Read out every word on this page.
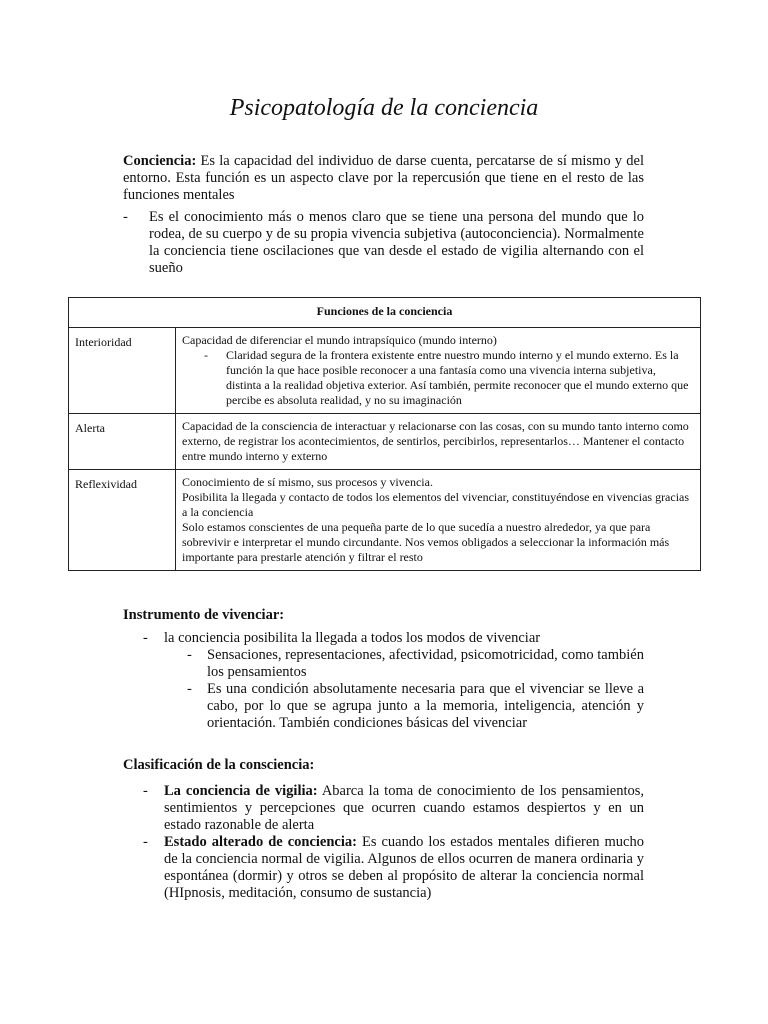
Psicopatología de la conciencia

Conciencia: Es la capacidad del individuo de darse cuenta, percatarse de sí mismo y del entorno. Esta función es un aspecto clave por la repercusión que tiene en el resto de las funciones mentales

- Es el conocimiento más o menos claro que se tiene una persona del mundo que lo rodea, de su cuerpo y de su propia vivencia subjetiva (autoconciencia). Normalmente la conciencia tiene oscilaciones que van desde el estado de vigilia alternando con el sueño
Funciones de la conciencia	
Interioridad	Capacidad de diferenciar el mundo intrapsíquico (mundo interno)
- Claridad segura de la frontera existente entre nuestro mundo interno y el mundo externo. Es la función la que hace posible reconocer a una fantasía como una vivencia interna subjetiva, distinta a la realidad objetiva exterior. Así también, permite reconocer que el mundo externo que percibe es absoluta realidad, y no su imaginación

Alerta	Capacidad de la consciencia de interactuar y relacionarse con las cosas, con su mundo tanto interno como externo, de registrar los acontecimientos, de sentirlos, percibirlos, representarlos… Mantener el contacto entre mundo interno y externo

Reflexividad	Conocimiento de sí mismo, sus procesos y vivencia.
Posibilita la llegada y contacto de todos los elementos del vivenciar, constituyéndose en vivencias gracias a la conciencia
Solo estamos conscientes de una pequeña parte de lo que sucedía a nuestro alrededor, ya que para sobrevivir e interpretar el mundo circundante. Nos vemos obligados a seleccionar la información más importante para prestarle atención y filtrar el resto
Instrumento de vivenciar:
- la conciencia posibilita la llegada a todos los modos de vivenciar
- Sensaciones, representaciones, afectividad, psicomotricidad, como también los pensamientos
- Es una condición absolutamente necesaria para que el vivenciar se lleve a cabo, por lo que se agrupa junto a la memoria, inteligencia, atención y orientación. También condiciones básicas del vivenciar
Clasificación de la consciencia:
- La conciencia de vigilia: Abarca la toma de conocimiento de los pensamientos, sentimientos y percepciones que ocurren cuando estamos despiertos y en un estado razonable de alerta
- Estado alterado de conciencia: Es cuando los estados mentales difieren mucho de la conciencia normal de vigilia. Algunos de ellos ocurren de manera ordinaria y espontánea (dormir) y otros se deben al propósito de alterar la conciencia normal (HIpnosis, meditación, consumo de sustancia)
